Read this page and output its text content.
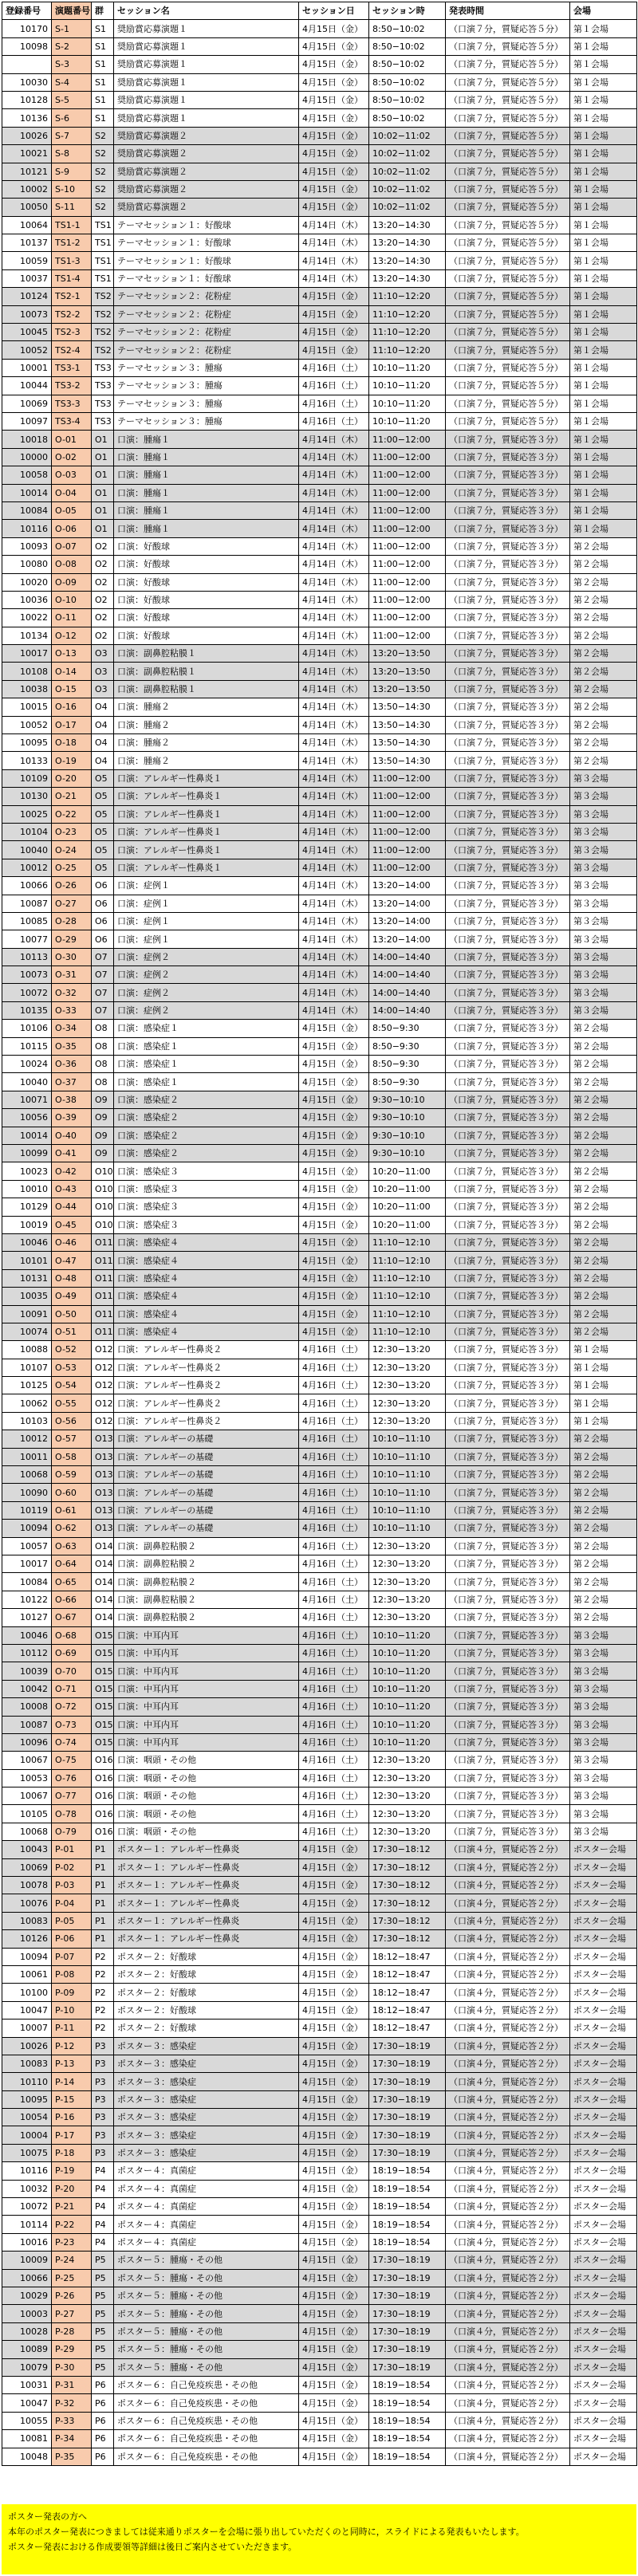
登録番号	演題番号	群	セッション名	セッション日	セッション時	発表時間	会場
10170	S-1	S1	奨励賞応募演題１	4月15日（金）	8:50−10:02	（口演７分，質疑応答５分）	第１会場
10098	S-2	S1	奨励賞応募演題１	4月15日（金）	8:50−10:02	（口演７分，質疑応答５分）	第１会場
	S-3	S1	奨励賞応募演題１	4月15日（金）	8:50−10:02	（口演７分，質疑応答５分）	第１会場
10030	S-4	S1	奨励賞応募演題１	4月15日（金）	8:50−10:02	（口演７分，質疑応答５分）	第１会場
10128	S-5	S1	奨励賞応募演題１	4月15日（金）	8:50−10:02	（口演７分，質疑応答５分）	第１会場
10136	S-6	S1	奨励賞応募演題１	4月15日（金）	8:50−10:02	（口演７分，質疑応答５分）	第１会場
10026	S-7	S2	奨励賞応募演題２	4月15日（金）	10:02−11:02	（口演７分，質疑応答５分）	第１会場
10021	S-8	S2	奨励賞応募演題２	4月15日（金）	10:02−11:02	（口演７分，質疑応答５分）	第１会場
10121	S-9	S2	奨励賞応募演題２	4月15日（金）	10:02−11:02	（口演７分，質疑応答５分）	第１会場
10002	S-10	S2	奨励賞応募演題２	4月15日（金）	10:02−11:02	（口演７分，質疑応答５分）	第１会場
10050	S-11	S2	奨励賞応募演題２	4月15日（金）	10:02−11:02	（口演７分，質疑応答５分）	第１会場
10064	TS1-1	TS1	テーマセッション１：好酸球	4月14日（木）	13:20−14:30	（口演７分，質疑応答５分）	第１会場
10137	TS1-2	TS1	テーマセッション１：好酸球	4月14日（木）	13:20−14:30	（口演７分，質疑応答５分）	第１会場
10059	TS1-3	TS1	テーマセッション１：好酸球	4月14日（木）	13:20−14:30	（口演７分，質疑応答５分）	第１会場
10037	TS1-4	TS1	テーマセッション１：好酸球	4月14日（木）	13:20−14:30	（口演７分，質疑応答５分）	第１会場
10124	TS2-1	TS2	テーマセッション２：花粉症	4月15日（金）	11:10−12:20	（口演７分，質疑応答５分）	第１会場
10073	TS2-2	TS2	テーマセッション２：花粉症	4月15日（金）	11:10−12:20	（口演７分，質疑応答５分）	第１会場
10045	TS2-3	TS2	テーマセッション２：花粉症	4月15日（金）	11:10−12:20	（口演７分，質疑応答５分）	第１会場
10052	TS2-4	TS2	テーマセッション２：花粉症	4月15日（金）	11:10−12:20	（口演７分，質疑応答５分）	第１会場
10001	TS3-1	TS3	テーマセッション３：腫瘍	4月16日（土）	10:10−11:20	（口演７分，質疑応答５分）	第１会場
10044	TS3-2	TS3	テーマセッション３：腫瘍	4月16日（土）	10:10−11:20	（口演７分，質疑応答５分）	第１会場
10069	TS3-3	TS3	テーマセッション３：腫瘍	4月16日（土）	10:10−11:20	（口演７分，質疑応答５分）	第１会場
10097	TS3-4	TS3	テーマセッション３：腫瘍	4月16日（土）	10:10−11:20	（口演７分，質疑応答５分）	第１会場
10018	O-01	O1	口演：腫瘍１	4月14日（木）	11:00−12:00	（口演７分，質疑応答３分）	第１会場
10000	O-02	O1	口演：腫瘍１	4月14日（木）	11:00−12:00	（口演７分，質疑応答３分）	第１会場
10058	O-03	O1	口演：腫瘍１	4月14日（木）	11:00−12:00	（口演７分，質疑応答３分）	第１会場
10014	O-04	O1	口演：腫瘍１	4月14日（木）	11:00−12:00	（口演７分，質疑応答３分）	第１会場
10084	O-05	O1	口演：腫瘍１	4月14日（木）	11:00−12:00	（口演７分，質疑応答３分）	第１会場
10116	O-06	O1	口演：腫瘍１	4月14日（木）	11:00−12:00	（口演７分，質疑応答３分）	第１会場
10093	O-07	O2	口演：好酸球	4月14日（木）	11:00−12:00	（口演７分，質疑応答３分）	第２会場
10080	O-08	O2	口演：好酸球	4月14日（木）	11:00−12:00	（口演７分，質疑応答３分）	第２会場
10020	O-09	O2	口演：好酸球	4月14日（木）	11:00−12:00	（口演７分，質疑応答３分）	第２会場
10036	O-10	O2	口演：好酸球	4月14日（木）	11:00−12:00	（口演７分，質疑応答３分）	第２会場
10022	O-11	O2	口演：好酸球	4月14日（木）	11:00−12:00	（口演７分，質疑応答３分）	第２会場
10134	O-12	O2	口演：好酸球	4月14日（木）	11:00−12:00	（口演７分，質疑応答３分）	第２会場
10017	O-13	O3	口演：副鼻腔粘膜１	4月14日（木）	13:20−13:50	（口演７分，質疑応答３分）	第２会場
10108	O-14	O3	口演：副鼻腔粘膜１	4月14日（木）	13:20−13:50	（口演７分，質疑応答３分）	第２会場
10038	O-15	O3	口演：副鼻腔粘膜１	4月14日（木）	13:20−13:50	（口演７分，質疑応答３分）	第２会場
10015	O-16	O4	口演：腫瘍２	4月14日（木）	13:50−14:30	（口演７分，質疑応答３分）	第２会場
10052	O-17	O4	口演：腫瘍２	4月14日（木）	13:50−14:30	（口演７分，質疑応答３分）	第２会場
10095	O-18	O4	口演：腫瘍２	4月14日（木）	13:50−14:30	（口演７分，質疑応答３分）	第２会場
10133	O-19	O4	口演：腫瘍２	4月14日（木）	13:50−14:30	（口演７分，質疑応答３分）	第２会場
10109	O-20	O5	口演：アレルギー性鼻炎１	4月14日（木）	11:00−12:00	（口演７分，質疑応答３分）	第３会場
10130	O-21	O5	口演：アレルギー性鼻炎１	4月14日（木）	11:00−12:00	（口演７分，質疑応答３分）	第３会場
10025	O-22	O5	口演：アレルギー性鼻炎１	4月14日（木）	11:00−12:00	（口演７分，質疑応答３分）	第３会場
10104	O-23	O5	口演：アレルギー性鼻炎１	4月14日（木）	11:00−12:00	（口演７分，質疑応答３分）	第３会場
10040	O-24	O5	口演：アレルギー性鼻炎１	4月14日（木）	11:00−12:00	（口演７分，質疑応答３分）	第３会場
10012	O-25	O5	口演：アレルギー性鼻炎１	4月14日（木）	11:00−12:00	（口演７分，質疑応答３分）	第３会場
10066	O-26	O6	口演：症例１	4月14日（木）	13:20−14:00	（口演７分，質疑応答３分）	第３会場
10087	O-27	O6	口演：症例１	4月14日（木）	13:20−14:00	（口演７分，質疑応答３分）	第３会場
10085	O-28	O6	口演：症例１	4月14日（木）	13:20−14:00	（口演７分，質疑応答３分）	第３会場
10077	O-29	O6	口演：症例１	4月14日（木）	13:20−14:00	（口演７分，質疑応答３分）	第３会場
10113	O-30	O7	口演：症例２	4月14日（木）	14:00−14:40	（口演７分，質疑応答３分）	第３会場
10073	O-31	O7	口演：症例２	4月14日（木）	14:00−14:40	（口演７分，質疑応答３分）	第３会場
10072	O-32	O7	口演：症例２	4月14日（木）	14:00−14:40	（口演７分，質疑応答３分）	第３会場
10135	O-33	O7	口演：症例２	4月14日（木）	14:00−14:40	（口演７分，質疑応答３分）	第３会場
10106	O-34	O8	口演：感染症１	4月15日（金）	8:50−9:30	（口演７分，質疑応答３分）	第２会場
10115	O-35	O8	口演：感染症１	4月15日（金）	8:50−9:30	（口演７分，質疑応答３分）	第２会場
10024	O-36	O8	口演：感染症１	4月15日（金）	8:50−9:30	（口演７分，質疑応答３分）	第２会場
10040	O-37	O8	口演：感染症１	4月15日（金）	8:50−9:30	（口演７分，質疑応答３分）	第２会場
10071	O-38	O9	口演：感染症２	4月15日（金）	9:30−10:10	（口演７分，質疑応答３分）	第２会場
10056	O-39	O9	口演：感染症２	4月15日（金）	9:30−10:10	（口演７分，質疑応答３分）	第２会場
10014	O-40	O9	口演：感染症２	4月15日（金）	9:30−10:10	（口演７分，質疑応答３分）	第２会場
10099	O-41	O9	口演：感染症２	4月15日（金）	9:30−10:10	（口演７分，質疑応答３分）	第２会場
10023	O-42	O10	口演：感染症３	4月15日（金）	10:20−11:00	（口演７分，質疑応答３分）	第２会場
10010	O-43	O10	口演：感染症３	4月15日（金）	10:20−11:00	（口演７分，質疑応答３分）	第２会場
10129	O-44	O10	口演：感染症３	4月15日（金）	10:20−11:00	（口演７分，質疑応答３分）	第２会場
10019	O-45	O10	口演：感染症３	4月15日（金）	10:20−11:00	（口演７分，質疑応答３分）	第２会場
10046	O-46	O11	口演：感染症４	4月15日（金）	11:10−12:10	（口演７分，質疑応答３分）	第２会場
10101	O-47	O11	口演：感染症４	4月15日（金）	11:10−12:10	（口演７分，質疑応答３分）	第２会場
10131	O-48	O11	口演：感染症４	4月15日（金）	11:10−12:10	（口演７分，質疑応答３分）	第２会場
10035	O-49	O11	口演：感染症４	4月15日（金）	11:10−12:10	（口演７分，質疑応答３分）	第２会場
10091	O-50	O11	口演：感染症４	4月15日（金）	11:10−12:10	（口演７分，質疑応答３分）	第２会場
10074	O-51	O11	口演：感染症４	4月15日（金）	11:10−12:10	（口演７分，質疑応答３分）	第２会場
10088	O-52	O12	口演：アレルギー性鼻炎２	4月16日（土）	12:30−13:20	（口演７分，質疑応答３分）	第１会場
10107	O-53	O12	口演：アレルギー性鼻炎２	4月16日（土）	12:30−13:20	（口演７分，質疑応答３分）	第１会場
10125	O-54	O12	口演：アレルギー性鼻炎２	4月16日（土）	12:30−13:20	（口演７分，質疑応答３分）	第１会場
10062	O-55	O12	口演：アレルギー性鼻炎２	4月16日（土）	12:30−13:20	（口演７分，質疑応答３分）	第１会場
10103	O-56	O12	口演：アレルギー性鼻炎２	4月16日（土）	12:30−13:20	（口演７分，質疑応答３分）	第１会場
10012	O-57	O13	口演：アレルギーの基礎	4月16日（土）	10:10−11:10	（口演７分，質疑応答３分）	第２会場
10011	O-58	O13	口演：アレルギーの基礎	4月16日（土）	10:10−11:10	（口演７分，質疑応答３分）	第２会場
10068	O-59	O13	口演：アレルギーの基礎	4月16日（土）	10:10−11:10	（口演７分，質疑応答３分）	第２会場
10090	O-60	O13	口演：アレルギーの基礎	4月16日（土）	10:10−11:10	（口演７分，質疑応答３分）	第２会場
10119	O-61	O13	口演：アレルギーの基礎	4月16日（土）	10:10−11:10	（口演７分，質疑応答３分）	第２会場
10094	O-62	O13	口演：アレルギーの基礎	4月16日（土）	10:10−11:10	（口演７分，質疑応答３分）	第２会場
10057	O-63	O14	口演：副鼻腔粘膜２	4月16日（土）	12:30−13:20	（口演７分，質疑応答３分）	第２会場
10017	O-64	O14	口演：副鼻腔粘膜２	4月16日（土）	12:30−13:20	（口演７分，質疑応答３分）	第２会場
10084	O-65	O14	口演：副鼻腔粘膜２	4月16日（土）	12:30−13:20	（口演７分，質疑応答３分）	第２会場
10122	O-66	O14	口演：副鼻腔粘膜２	4月16日（土）	12:30−13:20	（口演７分，質疑応答３分）	第２会場
10127	O-67	O14	口演：副鼻腔粘膜２	4月16日（土）	12:30−13:20	（口演７分，質疑応答３分）	第２会場
10046	O-68	O15	口演：中耳内耳	4月16日（土）	10:10−11:20	（口演７分，質疑応答３分）	第３会場
10112	O-69	O15	口演：中耳内耳	4月16日（土）	10:10−11:20	（口演７分，質疑応答３分）	第３会場
10039	O-70	O15	口演：中耳内耳	4月16日（土）	10:10−11:20	（口演７分，質疑応答３分）	第３会場
10042	O-71	O15	口演：中耳内耳	4月16日（土）	10:10−11:20	（口演７分，質疑応答３分）	第３会場
10008	O-72	O15	口演：中耳内耳	4月16日（土）	10:10−11:20	（口演７分，質疑応答３分）	第３会場
10087	O-73	O15	口演：中耳内耳	4月16日（土）	10:10−11:20	（口演７分，質疑応答３分）	第３会場
10096	O-74	O15	口演：中耳内耳	4月16日（土）	10:10−11:20	（口演７分，質疑応答３分）	第３会場
10067	O-75	O16	口演：咽頭・その他	4月16日（土）	12:30−13:20	（口演７分，質疑応答３分）	第３会場
10053	O-76	O16	口演：咽頭・その他	4月16日（土）	12:30−13:20	（口演７分，質疑応答３分）	第３会場
10067	O-77	O16	口演：咽頭・その他	4月16日（土）	12:30−13:20	（口演７分，質疑応答３分）	第３会場
10105	O-78	O16	口演：咽頭・その他	4月16日（土）	12:30−13:20	（口演７分，質疑応答３分）	第３会場
10068	O-79	O16	口演：咽頭・その他	4月16日（土）	12:30−13:20	（口演７分，質疑応答３分）	第３会場
10043	P-01	P1	ポスター１：アレルギー性鼻炎	4月15日（金）	17:30−18:12	（口演４分，質疑応答２分）	ポスター会場
10069	P-02	P1	ポスター１：アレルギー性鼻炎	4月15日（金）	17:30−18:12	（口演４分，質疑応答２分）	ポスター会場
10078	P-03	P1	ポスター１：アレルギー性鼻炎	4月15日（金）	17:30−18:12	（口演４分，質疑応答２分）	ポスター会場
10076	P-04	P1	ポスター１：アレルギー性鼻炎	4月15日（金）	17:30−18:12	（口演４分，質疑応答２分）	ポスター会場
10083	P-05	P1	ポスター１：アレルギー性鼻炎	4月15日（金）	17:30−18:12	（口演４分，質疑応答２分）	ポスター会場
10126	P-06	P1	ポスター１：アレルギー性鼻炎	4月15日（金）	17:30−18:12	（口演４分，質疑応答２分）	ポスター会場
10094	P-07	P2	ポスター２：好酸球	4月15日（金）	18:12−18:47	（口演４分，質疑応答２分）	ポスター会場
10061	P-08	P2	ポスター２：好酸球	4月15日（金）	18:12−18:47	（口演４分，質疑応答２分）	ポスター会場
10100	P-09	P2	ポスター２：好酸球	4月15日（金）	18:12−18:47	（口演４分，質疑応答２分）	ポスター会場
10047	P-10	P2	ポスター２：好酸球	4月15日（金）	18:12−18:47	（口演４分，質疑応答２分）	ポスター会場
10007	P-11	P2	ポスター２：好酸球	4月15日（金）	18:12−18:47	（口演４分，質疑応答２分）	ポスター会場
10026	P-12	P3	ポスター３：感染症	4月15日（金）	17:30−18:19	（口演４分，質疑応答２分）	ポスター会場
10083	P-13	P3	ポスター３：感染症	4月15日（金）	17:30−18:19	（口演４分，質疑応答２分）	ポスター会場
10110	P-14	P3	ポスター３：感染症	4月15日（金）	17:30−18:19	（口演４分，質疑応答２分）	ポスター会場
10095	P-15	P3	ポスター３：感染症	4月15日（金）	17:30−18:19	（口演４分，質疑応答２分）	ポスター会場
10054	P-16	P3	ポスター３：感染症	4月15日（金）	17:30−18:19	（口演４分，質疑応答２分）	ポスター会場
10004	P-17	P3	ポスター３：感染症	4月15日（金）	17:30−18:19	（口演４分，質疑応答２分）	ポスター会場
10075	P-18	P3	ポスター３：感染症	4月15日（金）	17:30−18:19	（口演４分，質疑応答２分）	ポスター会場
10116	P-19	P4	ポスター４：真菌症	4月15日（金）	18:19−18:54	（口演４分，質疑応答２分）	ポスター会場
10032	P-20	P4	ポスター４：真菌症	4月15日（金）	18:19−18:54	（口演４分，質疑応答２分）	ポスター会場
10072	P-21	P4	ポスター４：真菌症	4月15日（金）	18:19−18:54	（口演４分，質疑応答２分）	ポスター会場
10114	P-22	P4	ポスター４：真菌症	4月15日（金）	18:19−18:54	（口演４分，質疑応答２分）	ポスター会場
10016	P-23	P4	ポスター４：真菌症	4月15日（金）	18:19−18:54	（口演４分，質疑応答２分）	ポスター会場
10009	P-24	P5	ポスター５：腫瘍・その他	4月15日（金）	17:30−18:19	（口演４分，質疑応答２分）	ポスター会場
10066	P-25	P5	ポスター５：腫瘍・その他	4月15日（金）	17:30−18:19	（口演４分，質疑応答２分）	ポスター会場
10029	P-26	P5	ポスター５：腫瘍・その他	4月15日（金）	17:30−18:19	（口演４分，質疑応答２分）	ポスター会場
10003	P-27	P5	ポスター５：腫瘍・その他	4月15日（金）	17:30−18:19	（口演４分，質疑応答２分）	ポスター会場
10028	P-28	P5	ポスター５：腫瘍・その他	4月15日（金）	17:30−18:19	（口演４分，質疑応答２分）	ポスター会場
10089	P-29	P5	ポスター５：腫瘍・その他	4月15日（金）	17:30−18:19	（口演４分，質疑応答２分）	ポスター会場
10079	P-30	P5	ポスター５：腫瘍・その他	4月15日（金）	17:30−18:19	（口演４分，質疑応答２分）	ポスター会場
10031	P-31	P6	ポスター６：自己免疫疾患・その他	4月15日（金）	18:19−18:54	（口演４分，質疑応答２分）	ポスター会場
10047	P-32	P6	ポスター６：自己免疫疾患・その他	4月15日（金）	18:19−18:54	（口演４分，質疑応答２分）	ポスター会場
10055	P-33	P6	ポスター６：自己免疫疾患・その他	4月15日（金）	18:19−18:54	（口演４分，質疑応答２分）	ポスター会場
10081	P-34	P6	ポスター６：自己免疫疾患・その他	4月15日（金）	18:19−18:54	（口演４分，質疑応答２分）	ポスター会場
10048	P-35	P6	ポスター６：自己免疫疾患・その他	4月15日（金）	18:19−18:54	（口演４分，質疑応答２分）	ポスター会場
ポスター発表の方へ
本年のポスター発表につきましては従来通りポスターを会場に張り出していただくのと同時に，スライドによる発表もいたします。
ポスター発表における作成要領等詳細は後日ご案内させていただきます。
